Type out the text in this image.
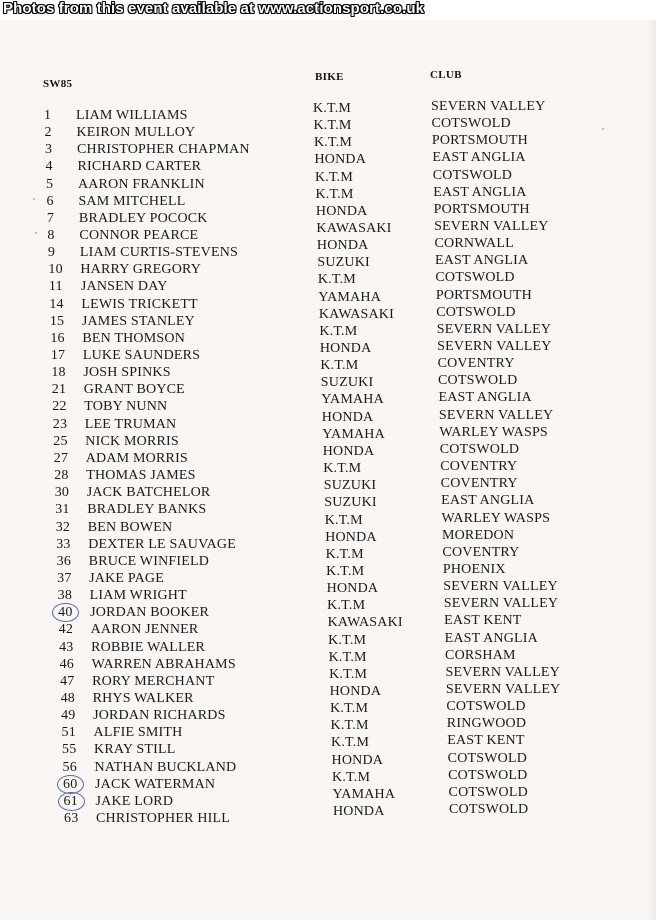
Photos from this event available at www.actionsport.co.uk
SW85
BIKE	CLUB
1 LIAM WILLIAMS	K.T.M	SEVERN VALLEY
2 KEIRON MULLOY	K.T.M	COTSWOLD
3 CHRISTOPHER CHAPMAN	K.T.M	PORTSMOUTH
4 RICHARD CARTER	HONDA	EAST ANGLIA
5 AARON FRANKLIN	K.T.M	COTSWOLD
6 SAM MITCHELL	K.T.M	EAST ANGLIA
7 BRADLEY POCOCK	HONDA	PORTSMOUTH
8 CONNOR PEARCE	KAWASAKI	SEVERN VALLEY
9 LIAM CURTIS-STEVENS	HONDA	CORNWALL
10 HARRY GREGORY	SUZUKI	EAST ANGLIA
11 JANSEN DAY	K.T.M	COTSWOLD
14 LEWIS TRICKETT	YAMAHA	PORTSMOUTH
15 JAMES STANLEY	KAWASAKI	COTSWOLD
16 BEN THOMSON	K.T.M	SEVERN VALLEY
17 LUKE SAUNDERS	HONDA	SEVERN VALLEY
18 JOSH SPINKS	K.T.M	COVENTRY
21 GRANT BOYCE	SUZUKI	COTSWOLD
22 TOBY NUNN	YAMAHA	EAST ANGLIA
23 LEE TRUMAN	HONDA	SEVERN VALLEY
25 NICK MORRIS	YAMAHA	WARLEY WASPS
27 ADAM MORRIS	HONDA	COTSWOLD
28 THOMAS JAMES	K.T.M	COVENTRY
30 JACK BATCHELOR	SUZUKI	COVENTRY
31 BRADLEY BANKS	SUZUKI	EAST ANGLIA
32 BEN BOWEN	K.T.M	WARLEY WASPS
33 DEXTER LE SAUVAGE	HONDA	MOREDON
36 BRUCE WINFIELD	K.T.M	COVENTRY
37 JAKE PAGE	K.T.M	PHOENIX
38 LIAM WRIGHT	HONDA	SEVERN VALLEY
40 JORDAN BOOKER	K.T.M	SEVERN VALLEY
42 AARON JENNER	KAWASAKI	EAST KENT
43 ROBBIE WALLER	K.T.M	EAST ANGLIA
46 WARREN ABRAHAMS	K.T.M	CORSHAM
47 RORY MERCHANT	K.T.M	SEVERN VALLEY
48 RHYS WALKER	HONDA	SEVERN VALLEY
49 JORDAN RICHARDS	K.T.M	COTSWOLD
51 ALFIE SMITH	K.T.M	RINGWOOD
55 KRAY STILL	K.T.M	EAST KENT
56 NATHAN BUCKLAND	HONDA	COTSWOLD
60 JACK WATERMAN	K.T.M	COTSWOLD
61 JAKE LORD	YAMAHA	COTSWOLD
63 CHRISTOPHER HILL	HONDA	COTSWOLD
